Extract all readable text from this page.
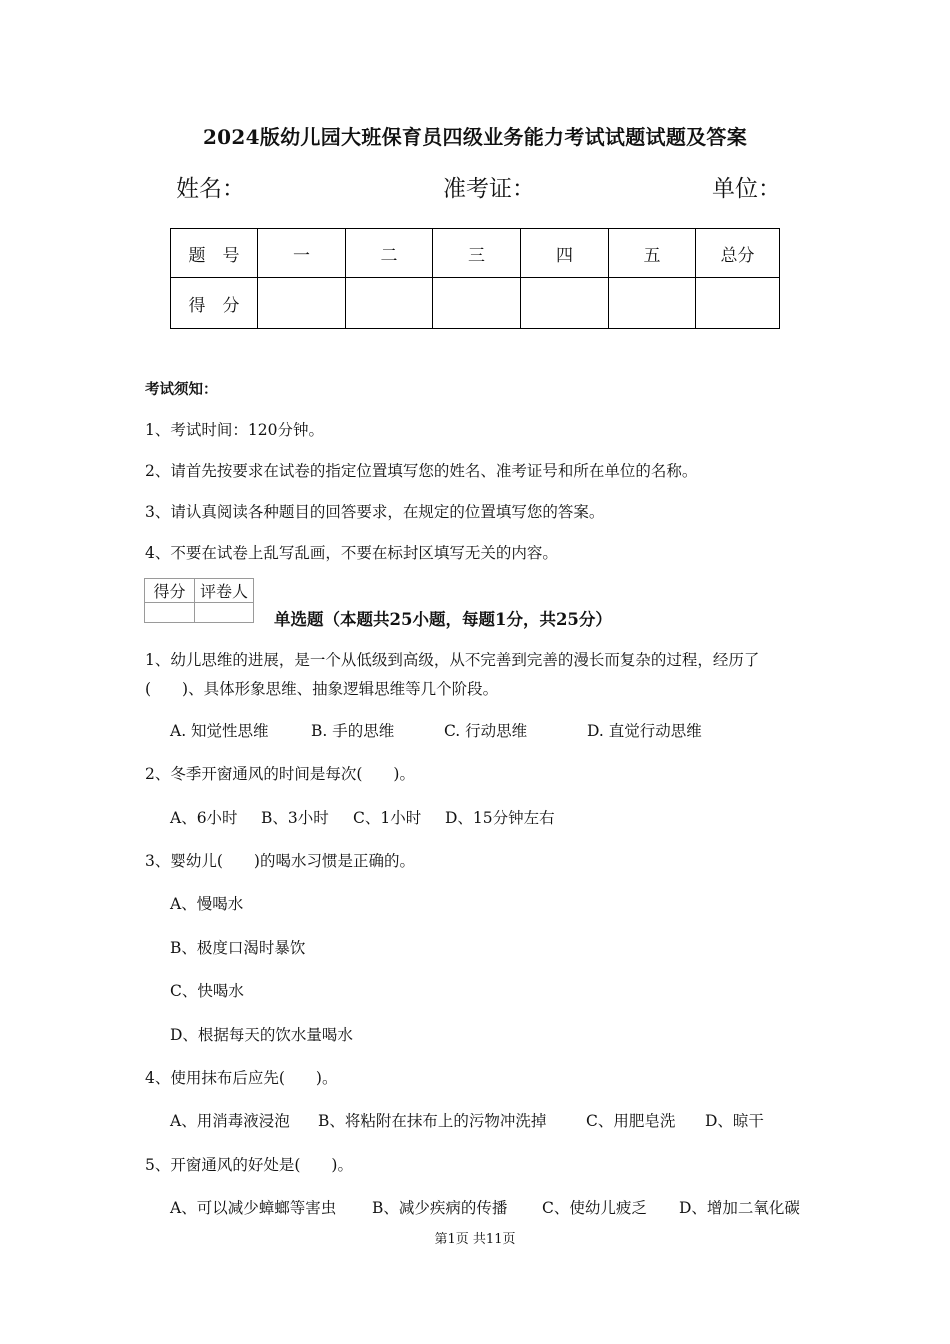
2024版幼儿园大班保育员四级业务能力考试试题试题及答案
姓名：	准考证：	单位：
题　号	一	二	三	四	五	总分
得　分						
考试须知：
1、考试时间：120分钟。
2、请首先按要求在试卷的指定位置填写您的姓名、准考证号和所在单位的名称。
3、请认真阅读各种题目的回答要求，在规定的位置填写您的答案。
4、不要在试卷上乱写乱画，不要在标封区填写无关的内容。
得分	评卷人

单选题（本题共25小题，每题1分，共25分）
1、幼儿思维的进展，是一个从低级到高级，从不完善到完善的漫长而复杂的过程，经历了
(　　)、具体形象思维、抽象逻辑思维等几个阶段。
A. 知觉性思维	B. 手的思维	C. 行动思维	D. 直觉行动思维
2、冬季开窗通风的时间是每次(　　)。
A、6小时 B、3小时 C、1小时 D、15分钟左右
3、婴幼儿(　　)的喝水习惯是正确的。
A、慢喝水
B、极度口渴时暴饮
C、快喝水
D、根据每天的饮水量喝水
4、使用抹布后应先(　　)。
A、用消毒液浸泡 B、将粘附在抹布上的污物冲洗掉	C、用肥皂洗 D、晾干
5、开窗通风的好处是(　　)。
A、可以减少蟑螂等害虫 B、减少疾病的传播 C、使幼儿疲乏 D、增加二氧化碳
第1页 共11页
